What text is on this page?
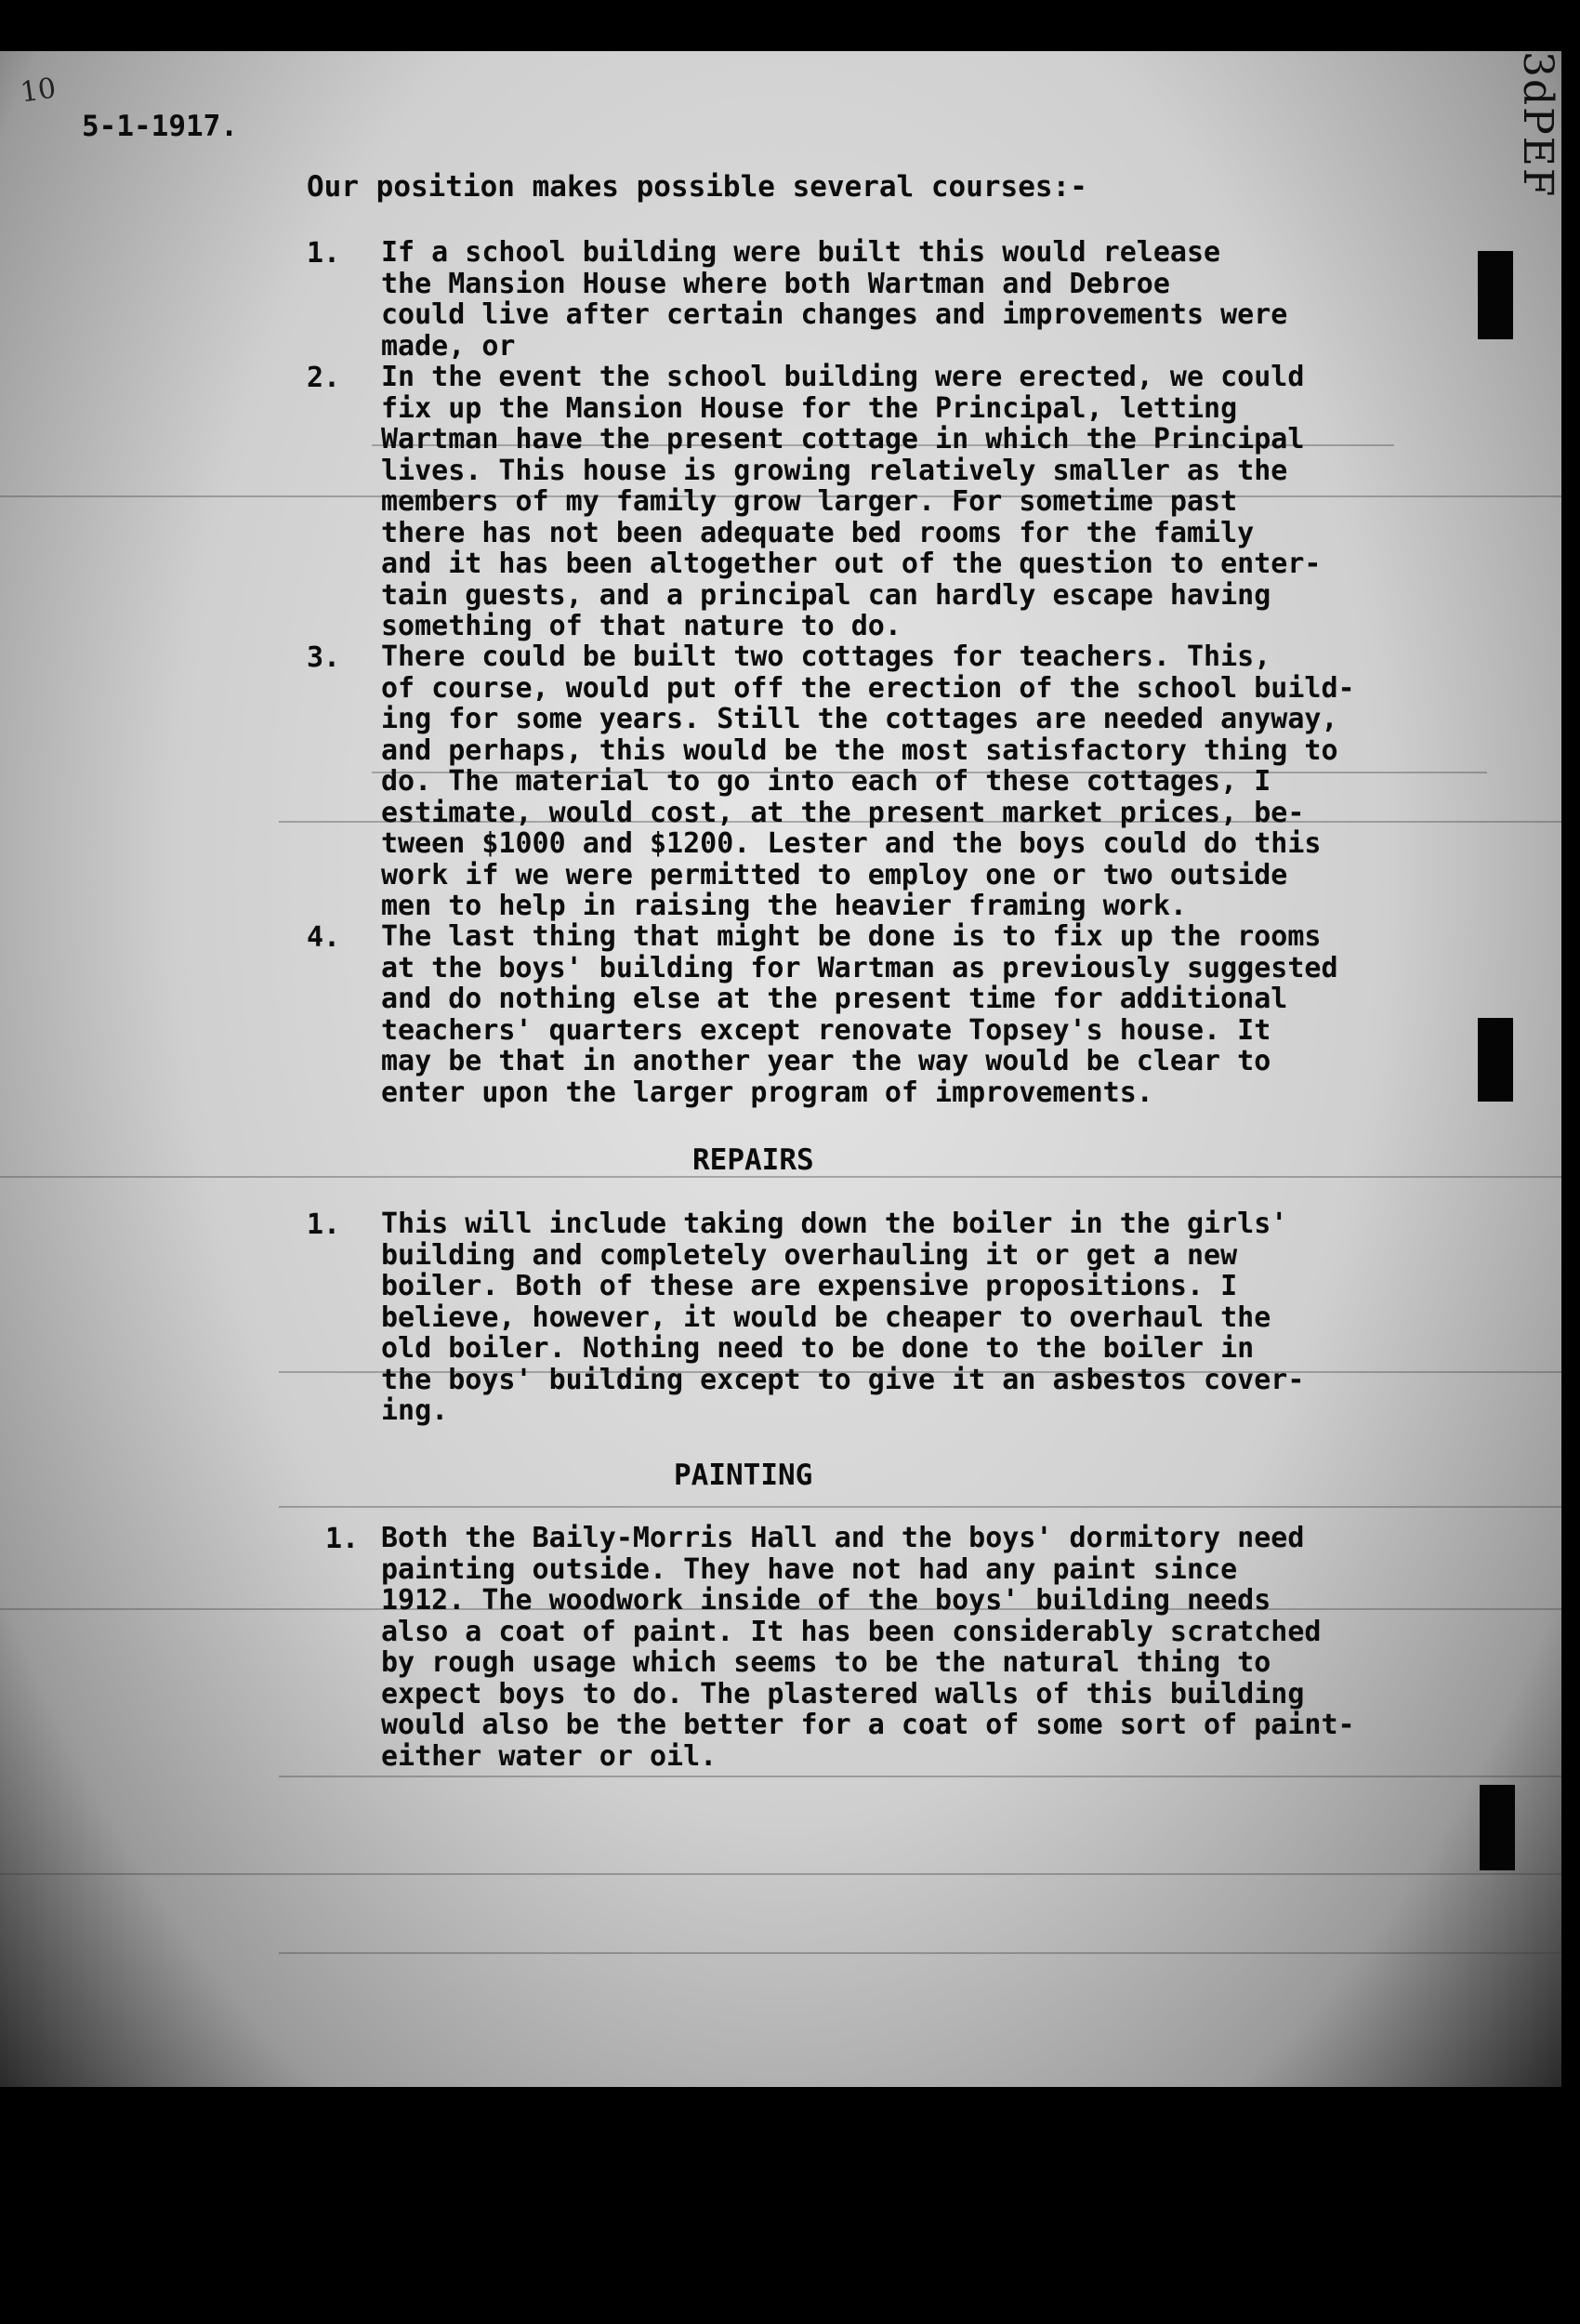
10	3dPEF
5-1-1917.
Our position makes possible several courses:-
1. If a school building were built this would release
the Mansion House where both Wartman and Debroe
could live after certain changes and improvements were
made, or
2. In the event the school building were erected, we could
fix up the Mansion House for the Principal, letting
Wartman have the present cottage in which the Principal
lives. This house is growing relatively smaller as the
members of my family grow larger. For sometime past
there has not been adequate bed rooms for the family
and it has been altogether out of the question to enter-
tain guests, and a principal can hardly escape having
something of that nature to do.
3. There could be built two cottages for teachers. This,
of course, would put off the erection of the school build-
ing for some years. Still the cottages are needed anyway,
and perhaps, this would be the most satisfactory thing to
do. The material to go into each of these cottages, I
estimate, would cost, at the present market prices, be-
tween $1000 and $1200. Lester and the boys could do this
work if we were permitted to employ one or two outside
men to help in raising the heavier framing work.
4. The last thing that might be done is to fix up the rooms
at the boys' building for Wartman as previously suggested
and do nothing else at the present time for additional
teachers' quarters except renovate Topsey's house. It
may be that in another year the way would be clear to
enter upon the larger program of improvements.
REPAIRS
1. This will include taking down the boiler in the girls'
building and completely overhauling it or get a new
boiler. Both of these are expensive propositions. I
believe, however, it would be cheaper to overhaul the
old boiler. Nothing need to be done to the boiler in
the boys' building except to give it an asbestos cover-
ing.
PAINTING
1. Both the Baily-Morris Hall and the boys' dormitory need
painting outside. They have not had any paint since
1912. The woodwork inside of the boys' building needs
also a coat of paint. It has been considerably scratched
by rough usage which seems to be the natural thing to
expect boys to do. The plastered walls of this building
would also be the better for a coat of some sort of paint-
either water or oil.
